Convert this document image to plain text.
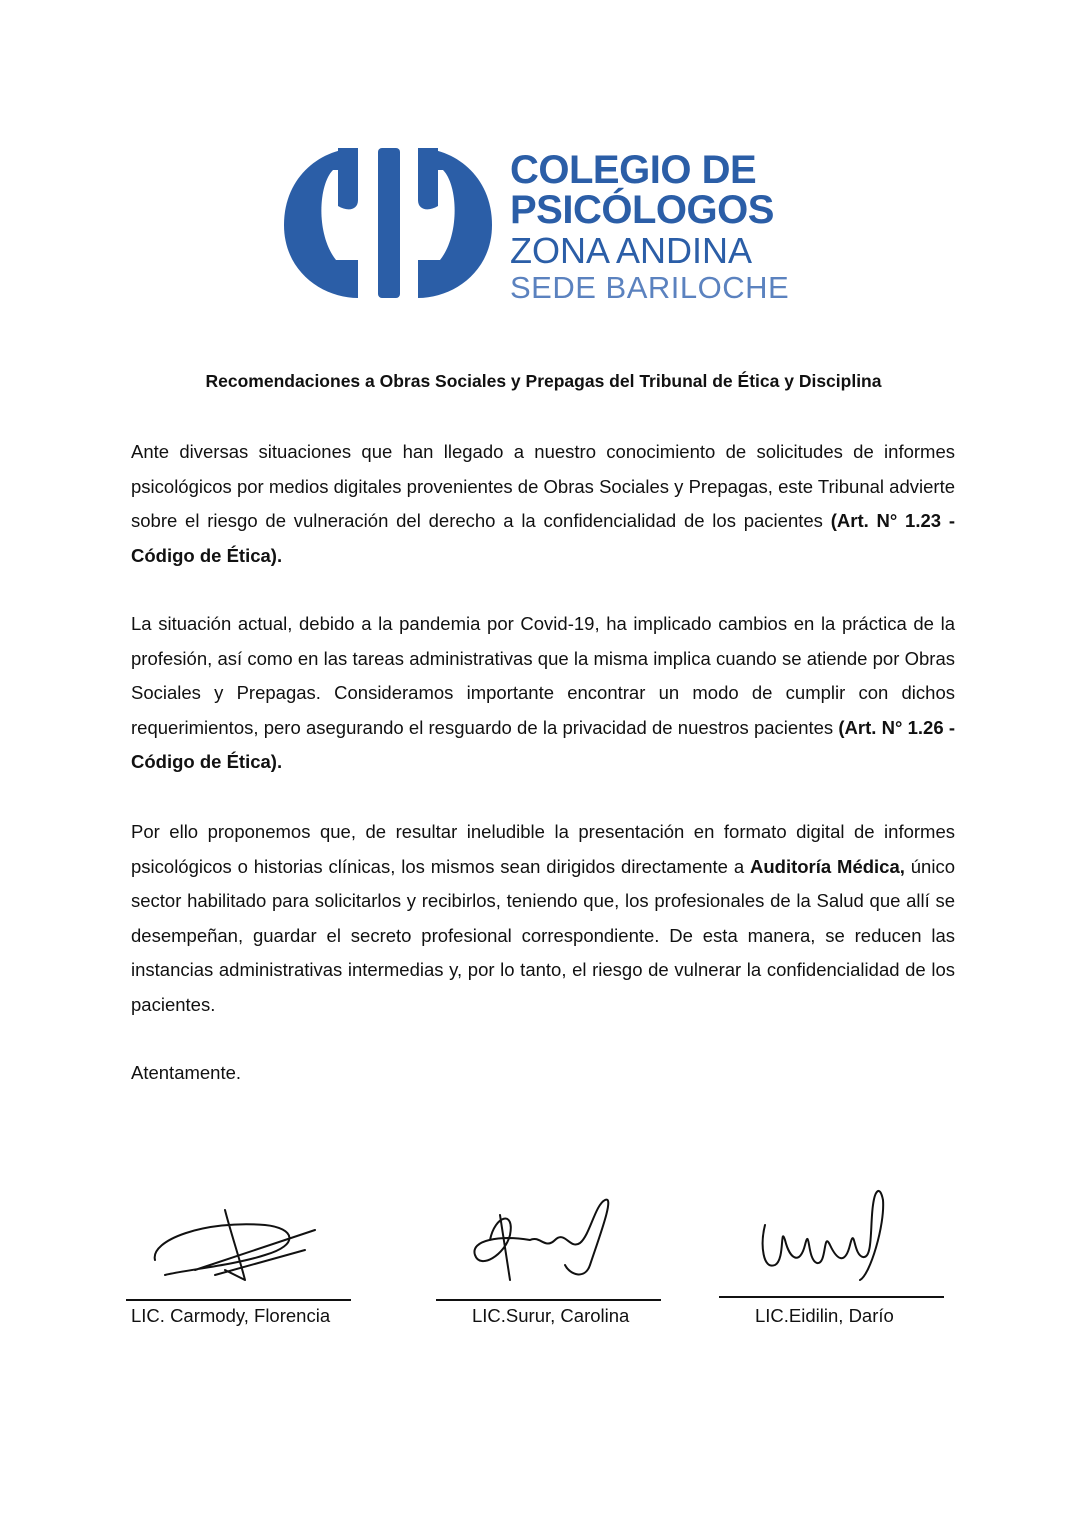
COLEGIO DE
PSICÓLOGOS
ZONA ANDINA
SEDE BARILOCHE
Recomendaciones a Obras Sociales y Prepagas del Tribunal de Ética y Disciplina

Ante diversas situaciones que han llegado a nuestro conocimiento de solicitudes de informes psicológicos por medios digitales provenientes de Obras Sociales y Prepagas, este Tribunal advierte sobre el riesgo de vulneración del derecho a la confidencialidad de los pacientes (Art. N° 1.23 - Código de Ética).

La situación actual, debido a la pandemia por Covid-19, ha implicado cambios en la práctica de la profesión, así como en las tareas administrativas que la misma implica cuando se atiende por Obras Sociales y Prepagas. Consideramos importante encontrar un modo de cumplir con dichos requerimientos, pero asegurando el resguardo de la privacidad de nuestros pacientes (Art. N° 1.26 - Código de Ética).

Por ello proponemos que, de resultar ineludible la presentación en formato digital de informes psicológicos o historias clínicas, los mismos sean dirigidos directamente a Auditoría Médica, único sector habilitado para solicitarlos y recibirlos, teniendo que, los profesionales de la Salud que allí se desempeñan, guardar el secreto profesional correspondiente. De esta manera, se reducen las instancias administrativas intermedias y, por lo tanto, el riesgo de vulnerar la confidencialidad de los pacientes.

Atentamente.

LIC. Carmody, Florencia	LIC.Surur, Carolina	LIC.Eidilin, Darío
